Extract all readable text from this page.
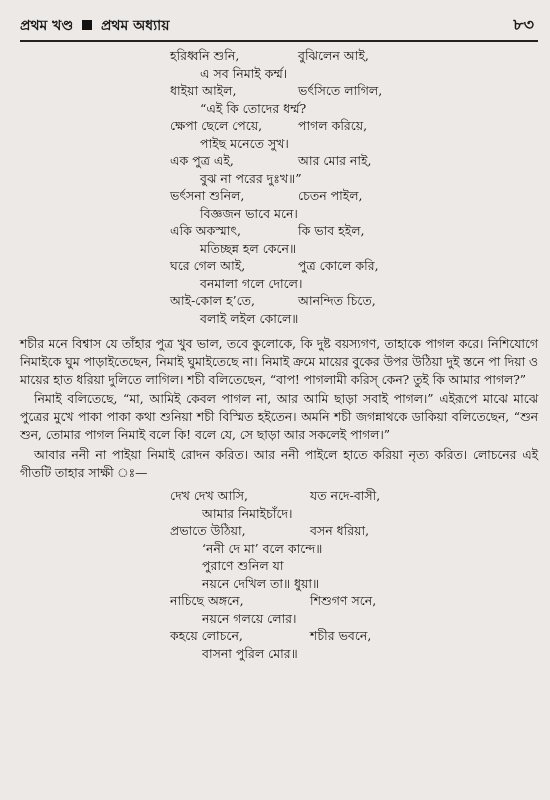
প্রথম খণ্ড প্রথম অধ্যায়	৮৩
হরিধ্বনি শুনি,	বুঝিলেন আই,
এ সব নিমাই কর্ম্ম।
ধাইয়া আইল,	ভর্ৎসিতে লাগিল,
“এই কি তোদের ধর্ম্ম?
ক্ষেপা ছেলে পেয়ে,	পাগল করিয়ে,
পাইছ মনেতে সুখ।
এক পুত্র এই,	আর মোর নাই,
বুঝ না পরের দুঃখ॥”
ভর্ৎসনা শুনিল,	চেতন পাইল,
বিজ্ঞজন ভাবে মনে।
একি অকস্মাৎ,	কি ভাব হইল,
মতিচ্ছন্ন হল কেনে॥
ঘরে গেল আই,	পুত্র কোলে করি,
বনমালা গলে দোলে।
আই-কোল হ’তে,	আনন্দিত চিতে,
বলাই লইল কোলে॥

শচীর মনে বিশ্বাস যে তাঁহার পুত্র খুব ভাল, তবে কুলোকে, কি দুষ্ট বয়স্যগণ, তাহাকে পাগল করে। নিশিযোগে নিমাইকে ঘুম পাড়াইতেছেন, নিমাই ঘুমাইতেছে না। নিমাই ক্রমে মায়ের বুকের উপর উঠিয়া দুই স্তনে পা দিয়া ও মায়ের হাত ধরিয়া দুলিতে লাগিল। শচী বলিতেছেন, “বাপ! পাগলামী করিস্ কেন? তুই কি আমার পাগল?”

নিমাই বলিতেছে, “মা, আমিই কেবল পাগল না, আর আমি ছাড়া সবাই পাগল।” এইরূপে মাঝে মাঝে পুত্রের মুখে পাকা পাকা কথা শুনিয়া শচী বিস্মিত হইতেন। অমনি শচী জগন্নাথকে ডাকিয়া বলিতেছেন, “শুন শুন, তোমার পাগল নিমাই বলে কি! বলে যে, সে ছাড়া আর সকলেই পাগল।”

আবার ননী না পাইয়া নিমাই রোদন করিত। আর ননী পাইলে হাতে করিয়া নৃত্য করিত। লোচনের এই গীতটি তাহার সাক্ষী ঃ—

দেখ দেখ আসি,	যত নদে-বাসী,
আমার নিমাইচাঁদে।
প্রভাতে উঠিয়া,	বসন ধরিয়া,
‘ননী দে মা’ বলে কান্দে॥
পুরাণে শুনিল যা
নয়নে দেখিল তা॥ ধুয়া॥
নাচিছে অঙ্গনে,	শিশুগণ সনে,
নয়নে গলয়ে লোর।
কহয়ে লোচনে,	শচীর ভবনে,
বাসনা পুরিল মোর॥
